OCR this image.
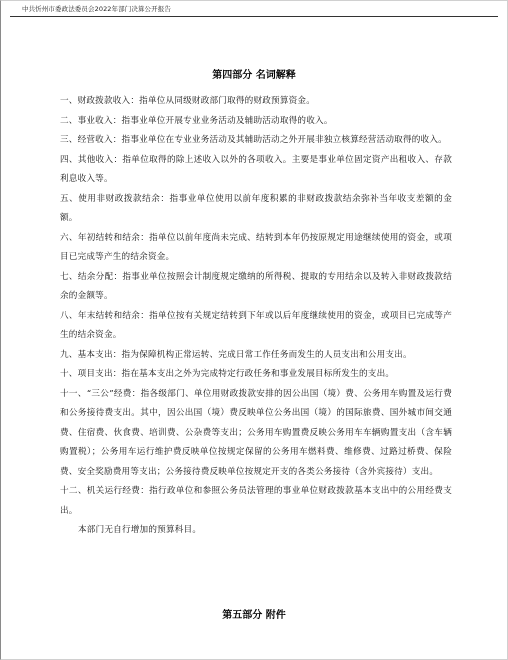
中共忻州市委政法委员会2022年部门决算公开报告
第四部分 名词解释

一、财政拨款收入：指单位从同级财政部门取得的财政预算资金。

二、事业收入：指事业单位开展专业业务活动及辅助活动取得的收入。

三、经营收入：指事业单位在专业业务活动及其辅助活动之外开展非独立核算经营活动取得的收入。

四、其他收入：指单位取得的除上述收入以外的各项收入。主要是事业单位固定资产出租收入、存款利息收入等。

五、使用非财政拨款结余：指事业单位使用以前年度积累的非财政拨款结余弥补当年收支差额的金额。

六、年初结转和结余：指单位以前年度尚未完成、结转到本年仍按原规定用途继续使用的资金，或项目已完成等产生的结余资金。

七、结余分配：指事业单位按照会计制度规定缴纳的所得税、提取的专用结余以及转入非财政拨款结余的金额等。

八、年末结转和结余：指单位按有关规定结转到下年或以后年度继续使用的资金，或项目已完成等产生的结余资金。

九、基本支出：指为保障机构正常运转、完成日常工作任务而发生的人员支出和公用支出。

十、项目支出：指在基本支出之外为完成特定行政任务和事业发展目标所发生的支出。

十一、“三公”经费：指各级部门、单位用财政拨款安排的因公出国（境）费、公务用车购置及运行费和公务接待费支出。其中，因公出国（境）费反映单位公务出国（境）的国际旅费、国外城市间交通费、住宿费、伙食费、培训费、公杂费等支出；公务用车购置费反映公务用车车辆购置支出（含车辆购置税）；公务用车运行维护费反映单位按规定保留的公务用车燃料费、维修费、过路过桥费、保险费、安全奖励费用等支出；公务接待费反映单位按规定开支的各类公务接待（含外宾接待）支出。

十二、机关运行经费：指行政单位和参照公务员法管理的事业单位财政拨款基本支出中的公用经费支出。

本部门无自行增加的预算科目。

第五部分 附件
